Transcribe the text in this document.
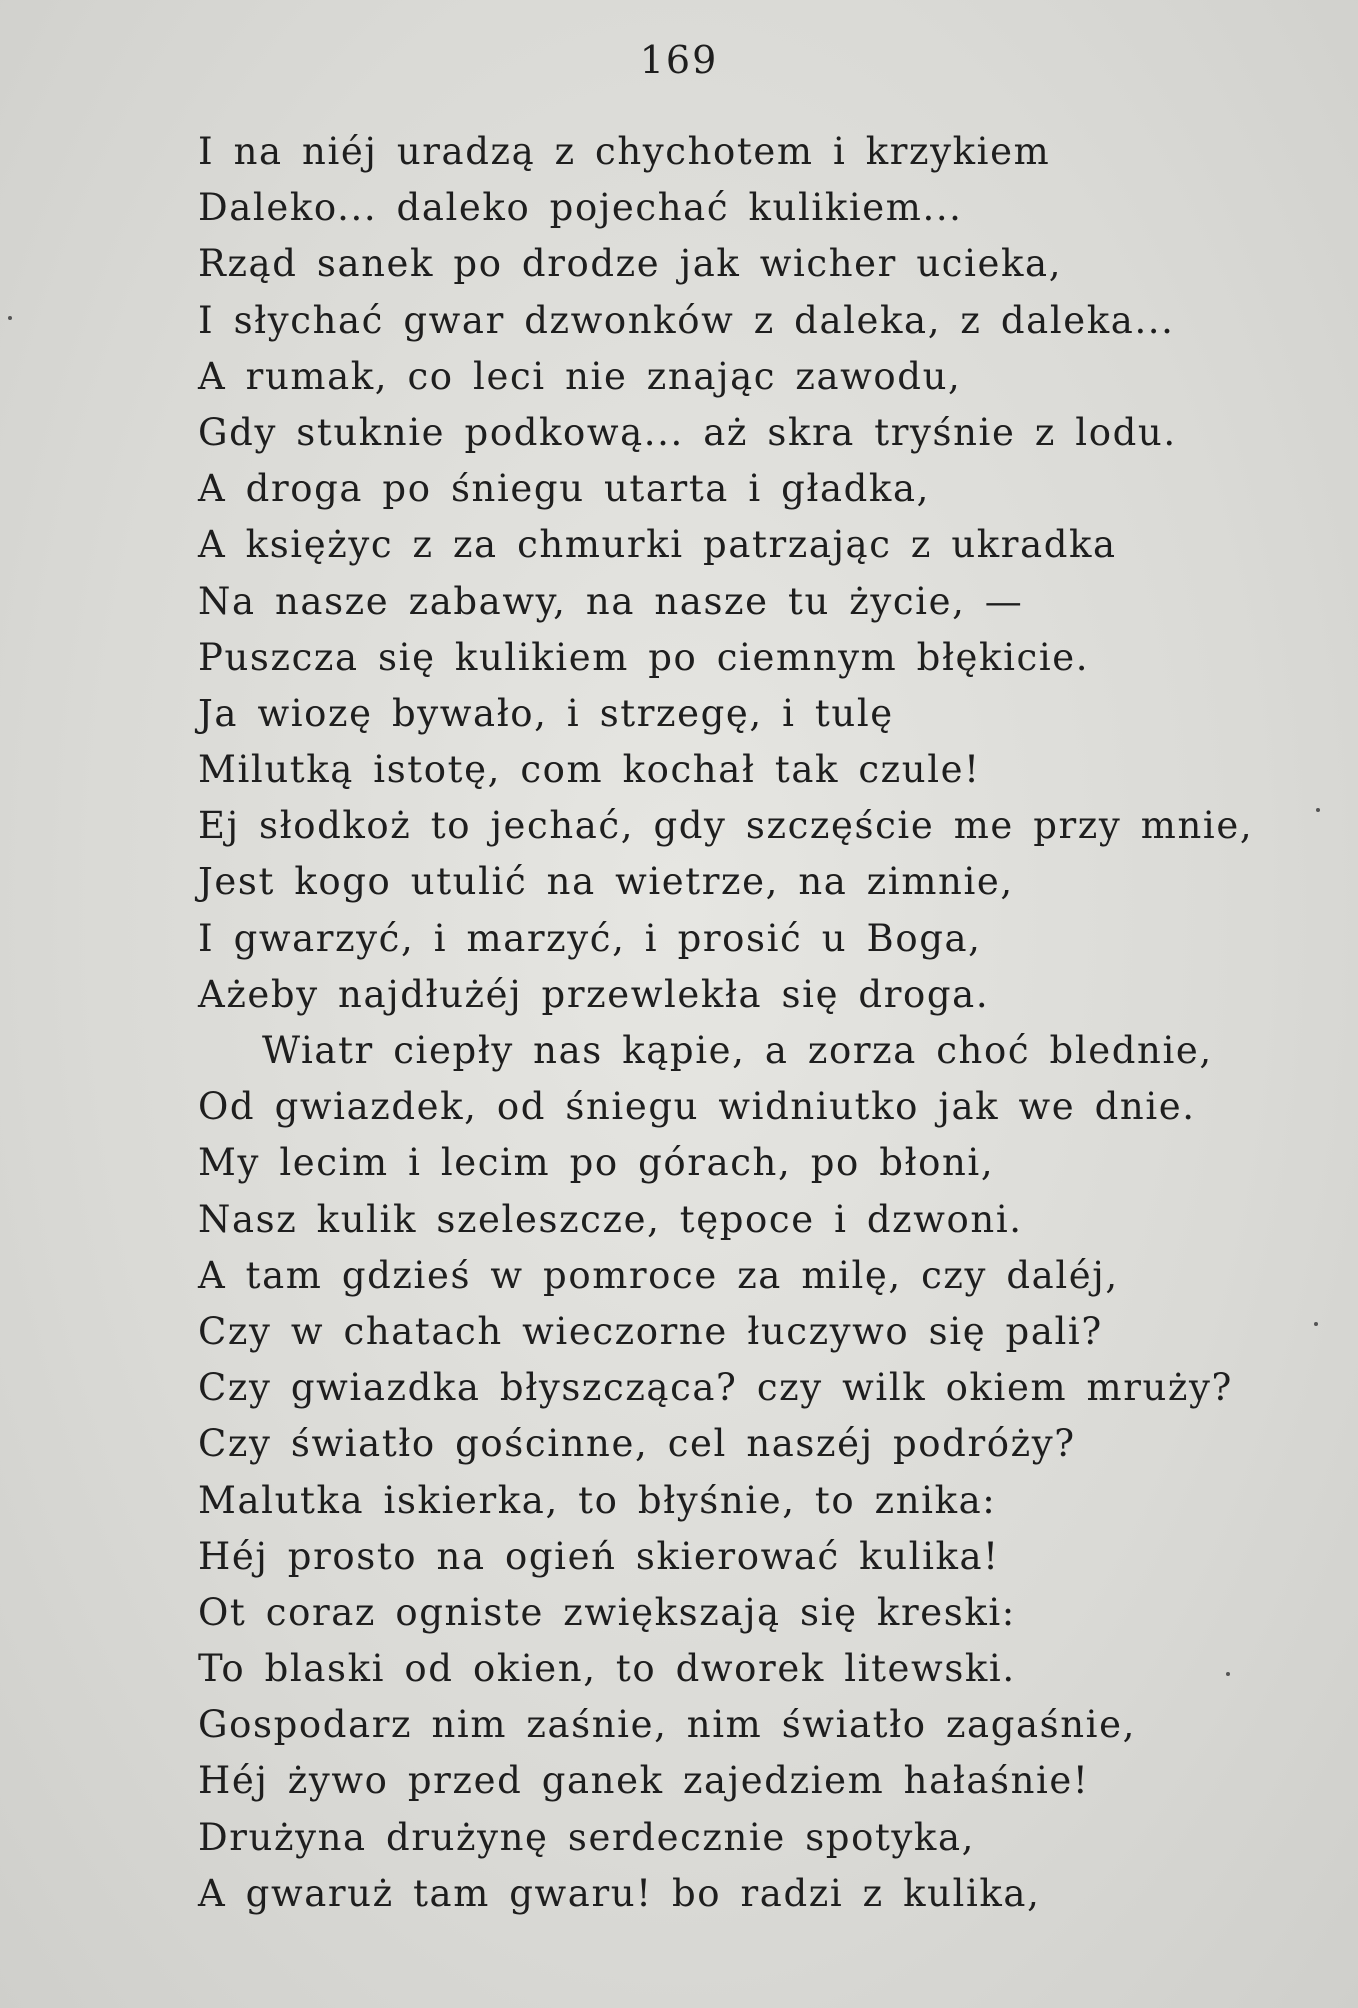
169
I na niéj uradzą z chychotem i krzykiem
Daleko... daleko pojechać kulikiem...
Rząd sanek po drodze jak wicher ucieka,
I słychać gwar dzwonków z daleka, z daleka...
A rumak, co leci nie znając zawodu,
Gdy stuknie podkową... aż skra tryśnie z lodu.
A droga po śniegu utarta i gładka,
A księżyc z za chmurki patrzając z ukradka
Na nasze zabawy, na nasze tu życie, —
Puszcza się kulikiem po ciemnym błękicie.
Ja wiozę bywało, i strzegę, i tulę
Milutką istotę, com kochał tak czule!
Ej słodkoż to jechać, gdy szczęście me przy mnie,
Jest kogo utulić na wietrze, na zimnie,
I gwarzyć, i marzyć, i prosić u Boga,
Ażeby najdłużéj przewlekła się droga.
Wiatr ciepły nas kąpie, a zorza choć blednie,
Od gwiazdek, od śniegu widniutko jak we dnie.
My lecim i lecim po górach, po błoni,
Nasz kulik szeleszcze, tępoce i dzwoni.
A tam gdzieś w pomroce za milę, czy daléj,
Czy w chatach wieczorne łuczywo się pali?
Czy gwiazdka błyszcząca? czy wilk okiem mruży?
Czy światło gościnne, cel naszéj podróży?
Malutka iskierka, to błyśnie, to znika:
Héj prosto na ogień skierować kulika!
Ot coraz ogniste zwiększają się kreski:
To blaski od okien, to dworek litewski.
Gospodarz nim zaśnie, nim światło zagaśnie,
Héj żywo przed ganek zajedziem hałaśnie!
Drużyna drużynę serdecznie spotyka,
A gwaruż tam gwaru! bo radzi z kulika,
